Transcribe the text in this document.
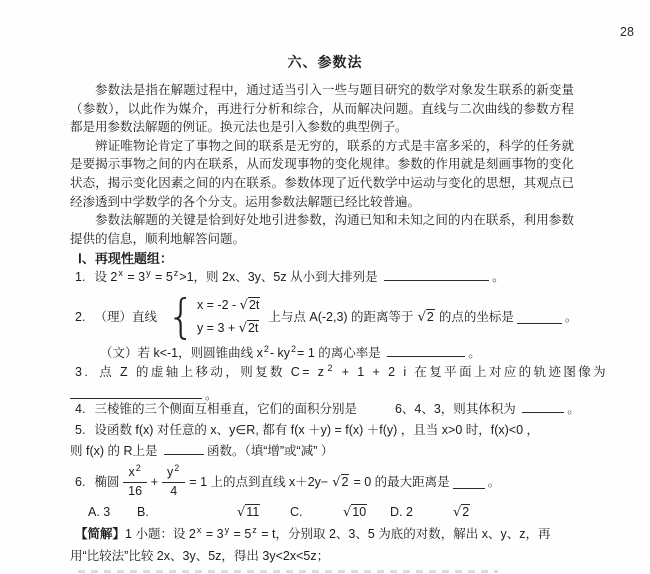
28
六、参数法

参数法是指在解题过程中，通过适当引入一些与题目研究的数学对象发生联系的新变量（参数），以此作为媒介，再进行分析和综合，从而解决问题。直线与二次曲线的参数方程都是用参数法解题的例证。换元法也是引入参数的典型例子。

辨证唯物论肯定了事物之间的联系是无穷的，联系的方式是丰富多采的，科学的任务就是要揭示事物之间的内在联系，从而发现事物的变化规律。参数的作用就是刻画事物的变化状态，揭示变化因素之间的内在联系。参数体现了近代数学中运动与变化的思想，其观点已经渗透到中学数学的各个分支。运用参数法解题已经比较普遍。

参数法解题的关键是恰到好处地引进参数，沟通已知和未知之间的内在联系，利用参数提供的信息，顺利地解答问题。

Ⅰ、再现性题组：
1. 设 $2^x = 3^y = 5^z>1$，则 2x、3y、5z 从小到大排列是	。
2. （理）直线 { x = -2 - √2t
y = 3 + √2t
上与点 A(-2,3) 的距离等于 √2 的点的坐标是	。
（文）若 k<-1，则圆锥曲线 $x^2-$ $ky^2= 1$ 的离心率是	。
3. 点 Z 的虚轴上移动，则复数 $C= z^2 + 1 + 2$ i 在复平面上对应的轨迹图像为
。
4. 三棱锥的三个侧面互相垂直，它们的面积分别是	6、4、3，则其体积为	。
5. 设函数 f(x) 对任意的 x、y∈R, 都有 f(x ＋y) = f(x) ＋f(y) ，且当 x>0 时，f(x)<0 ，
则 f(x) 的 R上是	函数。（填“增”或“减” ）
6. 椭圆 $\frac{x^2}{16} + \frac{y^2}{4} = 1$ 上的点到直线 x＋2y− √2 = 0 的最大距离是	。
A. 3 B.	√11 C.	√10 D. 2	√2
【简解】1 小题：设 $2^x = 3^y = 5^z = t$，分别取 2、3、5 为底的对数，解出 x、y、z，再
用“比较法”比较 2x、3y、5z，得出 3y<2x<5z；
